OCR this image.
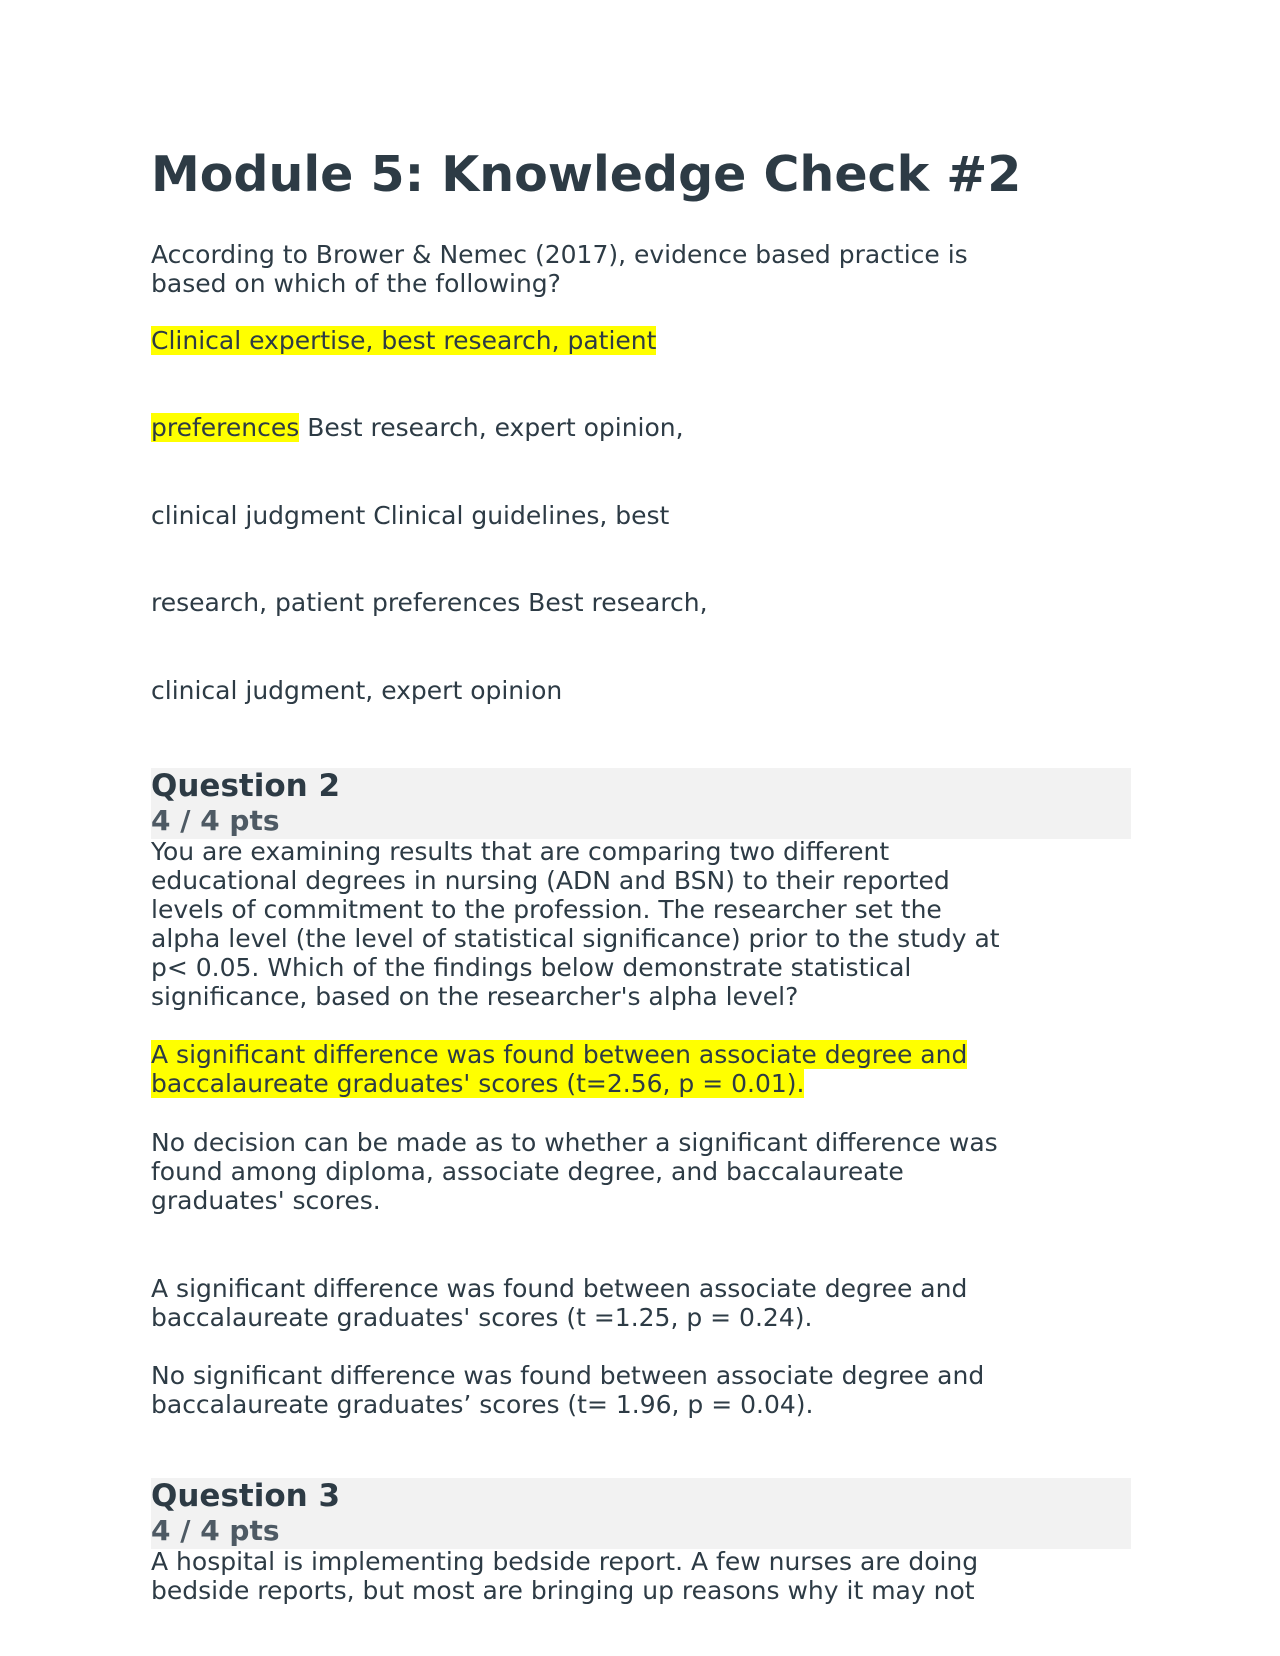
Module 5: Knowledge Check #2
According to Brower & Nemec (2017), evidence based practice is
based on which of the following?
Clinical expertise, best research, patient
preferences Best research, expert opinion,
clinical judgment Clinical guidelines, best
research, patient preferences Best research,
clinical judgment, expert opinion
Question 2
4 / 4 pts
You are examining results that are comparing two different
educational degrees in nursing (ADN and BSN) to their reported
levels of commitment to the profession. The researcher set the
alpha level (the level of statistical significance) prior to the study at
p< 0.05. Which of the findings below demonstrate statistical
significance, based on the researcher's alpha level?
A significant difference was found between associate degree and
baccalaureate graduates' scores (t=2.56, p = 0.01).
No decision can be made as to whether a significant difference was
found among diploma, associate degree, and baccalaureate
graduates' scores.
A significant difference was found between associate degree and
baccalaureate graduates' scores (t =1.25, p = 0.24).
No significant difference was found between associate degree and
baccalaureate graduates’ scores (t= 1.96, p = 0.04).
Question 3
4 / 4 pts
A hospital is implementing bedside report. A few nurses are doing
bedside reports, but most are bringing up reasons why it may not
